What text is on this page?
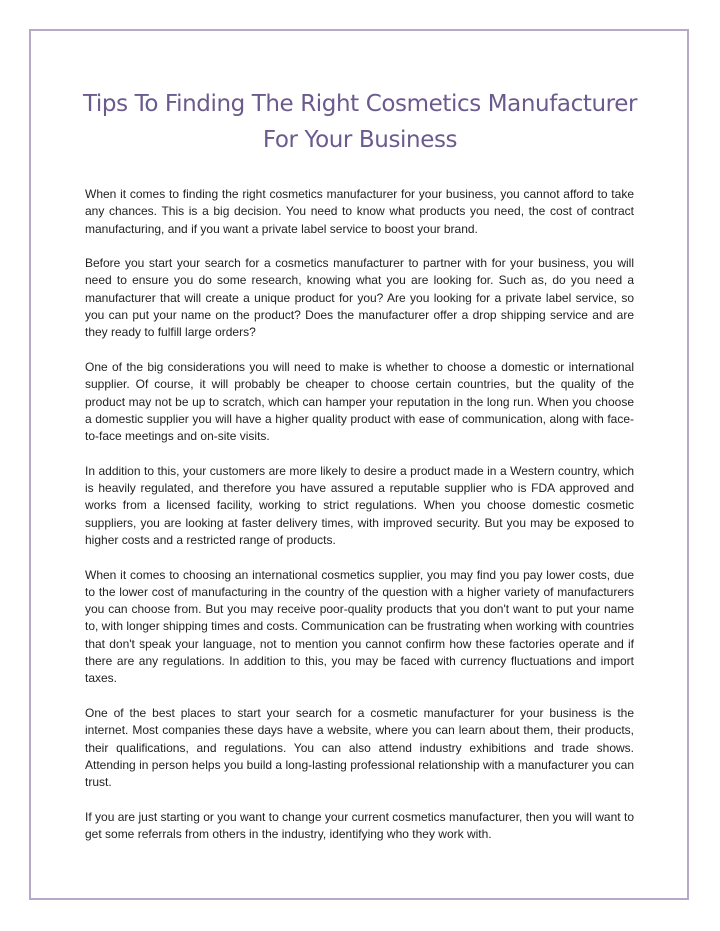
Tips To Finding The Right Cosmetics Manufacturer
For Your Business

When it comes to finding the right cosmetics manufacturer for your business, you cannot afford to take any chances. This is a big decision. You need to know what products you need, the cost of contract manufacturing, and if you want a private label service to boost your brand.

Before you start your search for a cosmetics manufacturer to partner with for your business, you will need to ensure you do some research, knowing what you are looking for. Such as, do you need a manufacturer that will create a unique product for you? Are you looking for a private label service, so you can put your name on the product? Does the manufacturer offer a drop shipping service and are they ready to fulfill large orders?

One of the big considerations you will need to make is whether to choose a domestic or international supplier. Of course, it will probably be cheaper to choose certain countries, but the quality of the product may not be up to scratch, which can hamper your reputation in the long run. When you choose a domestic supplier you will have a higher quality product with ease of communication, along with face-to-face meetings and on-site visits.

In addition to this, your customers are more likely to desire a product made in a Western country, which is heavily regulated, and therefore you have assured a reputable supplier who is FDA approved and works from a licensed facility, working to strict regulations. When you choose domestic cosmetic suppliers, you are looking at faster delivery times, with improved security. But you may be exposed to higher costs and a restricted range of products.

When it comes to choosing an international cosmetics supplier, you may find you pay lower costs, due to the lower cost of manufacturing in the country of the question with a higher variety of manufacturers you can choose from. But you may receive poor-quality products that you don't want to put your name to, with longer shipping times and costs. Communication can be frustrating when working with countries that don't speak your language, not to mention you cannot confirm how these factories operate and if there are any regulations. In addition to this, you may be faced with currency fluctuations and import taxes.

One of the best places to start your search for a cosmetic manufacturer for your business is the internet. Most companies these days have a website, where you can learn about them, their products, their qualifications, and regulations. You can also attend industry exhibitions and trade shows. Attending in person helps you build a long-lasting professional relationship with a manufacturer you can trust.

If you are just starting or you want to change your current cosmetics manufacturer, then you will want to get some referrals from others in the industry, identifying who they work with.
